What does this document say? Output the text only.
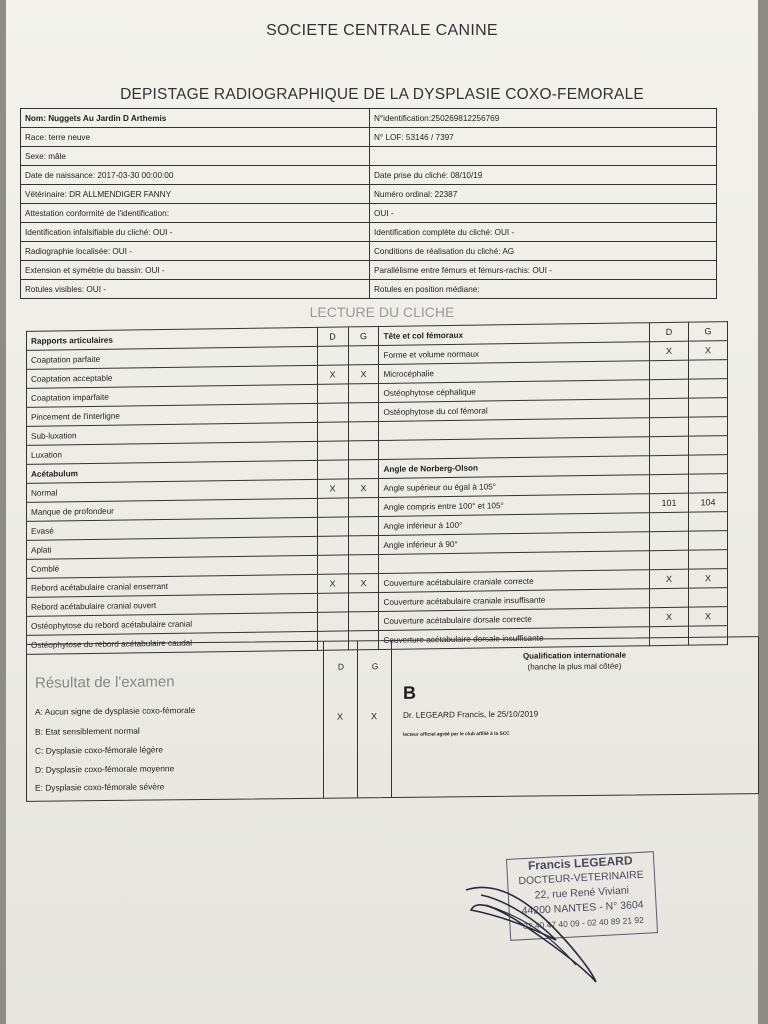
SOCIETE CENTRALE CANINE
DEPISTAGE RADIOGRAPHIQUE DE LA DYSPLASIE COXO-FEMORALE
Nom: Nuggets Au Jardin D Arthemis	N°identification:250269812256769
Race: terre neuve	N° LOF: 53146 / 7397
Sexe: mâle	
Date de naissance: 2017-03-30 00:00:00	Date prise du cliché: 08/10/19
Vétérinaire: DR ALLMENDIGER FANNY	Numéro ordinal: 22387
Attestation conformité de l'identification:	OUI -
Identification infalsifiable du cliché: OUI -	Identification complète du cliché: OUI -
Radiographie localisée: OUI -	Conditions de réalisation du cliché: AG
Extension et symétrie du bassin: OUI -	Parallélisme entre fémurs et fémurs-rachis: OUI -
Rotules visibles: OUI -	Rotules en position médiane:
LECTURE DU CLICHE
Rapports articulaires	D	G	Tête et col fémoraux	D	G
Coaptation parfaite			Forme et volume normaux	X	X
Coaptation acceptable	X	X	Microcéphalie		
Coaptation imparfaite			Ostéophytose céphalique		
Pincement de l'interligne			Ostéophytose du col fémoral		
Sub-luxation					
Luxation					
Acétabulum			Angle de Norberg-Olson		
Normal	X	X	Angle supérieur ou égal à 105°		
Manque de profondeur			Angle compris entre 100° et 105°	101	104
Evasé			Angle inférieur à 100°		
Aplati			Angle inférieur à 90°		
Comblé					
Rebord acétabulaire cranial enserrant	X	X	Couverture acétabulaire craniale correcte	X	X
Rebord acétabulaire cranial ouvert			Couverture acétabulaire craniale insuffisante		
Ostéophytose du rebord acétabulaire cranial			Couverture acétabulaire dorsale correcte	X	X
Ostéophytose du rebord acétabulaire caudal			Couverture acétabulaire dorsale insuffisante		
Résultat de l'examen
A: Aucun signe de dysplasie coxo-fémorale
B: Etat sensiblement normal
C: Dysplasie coxo-fémorale légère
D: Dysplasie coxo-fémorale moyenne
E: Dysplasie coxo-fémorale sévère
D	G
X	X
Qualification internationale
(hanche la plus mal côtée)
B
Dr. LEGEARD Francis, le 25/10/2019
lecteur officiel agréé par le club affilié à la SCC
Francis LEGEARD
DOCTEUR-VETERINAIRE
22, rue René Viviani
44200 NANTES - N° 3604
02 40 47 40 09 - 02 40 89 21 92
